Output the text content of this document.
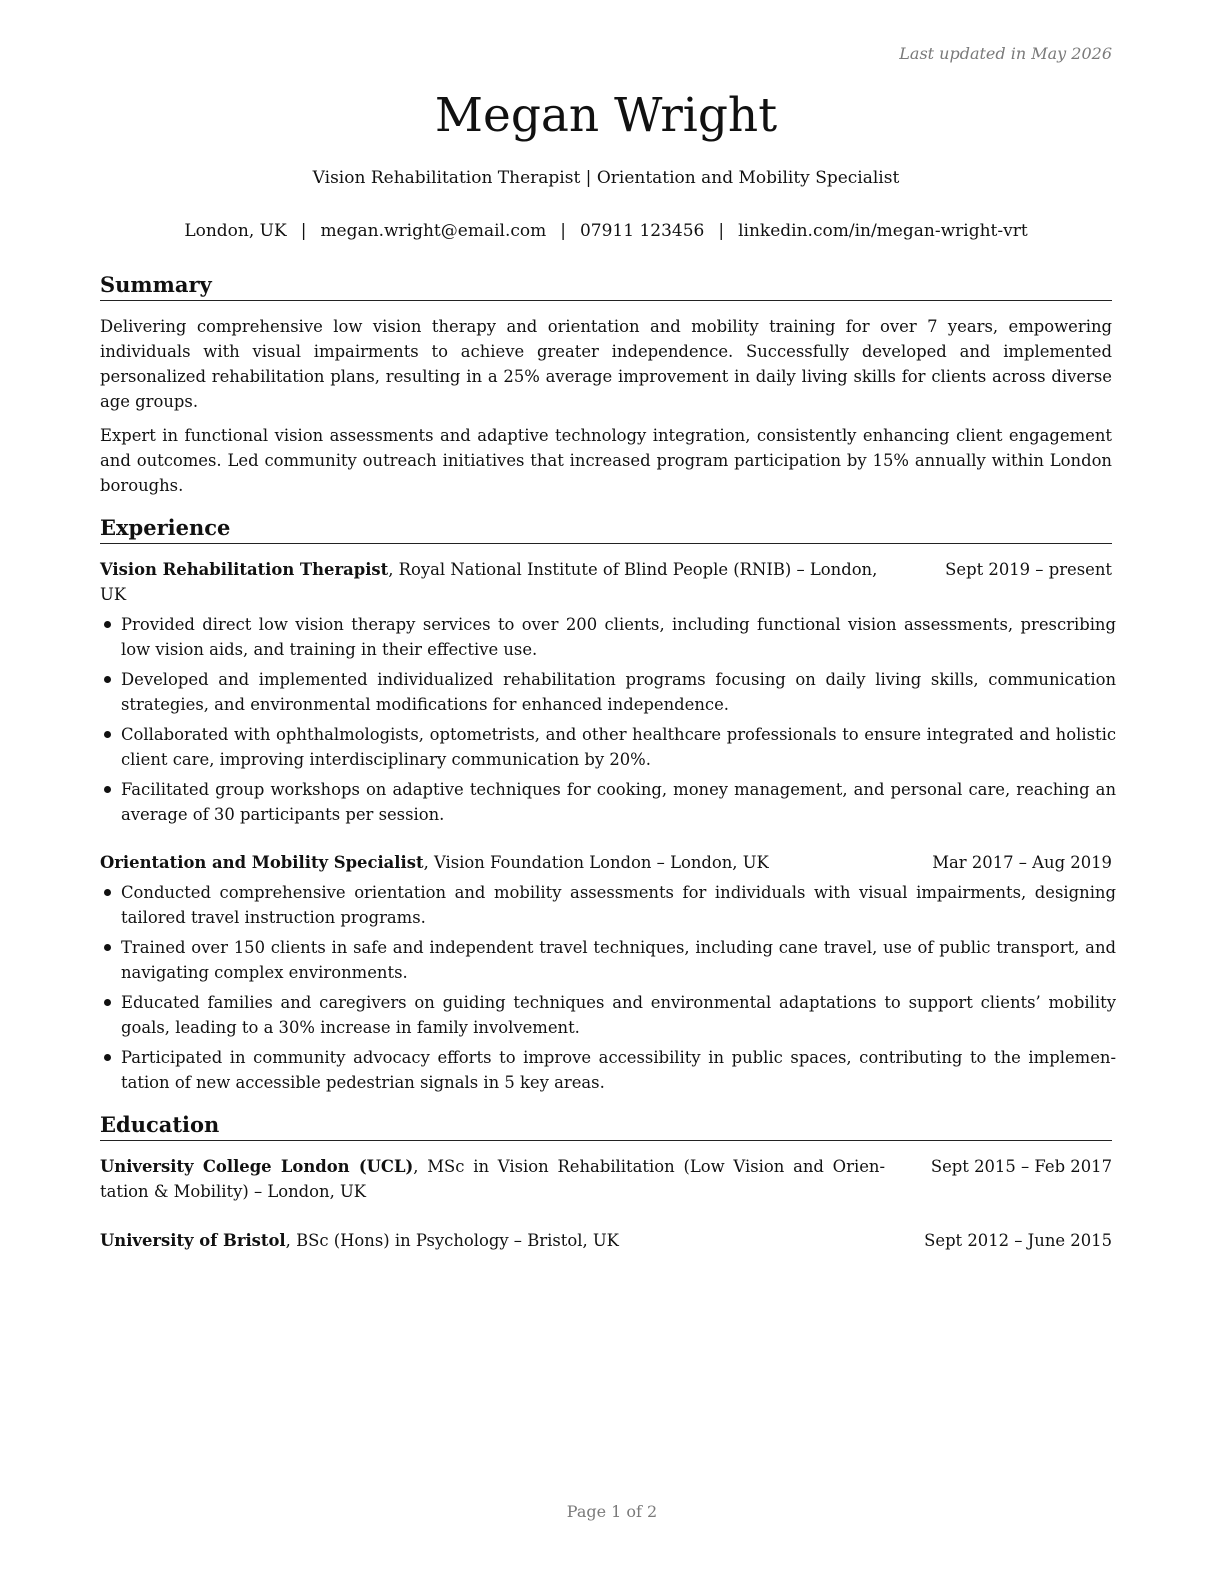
Last updated in May 2026
Megan Wright
Vision Rehabilitation Therapist | Orientation and Mobility Specialist
London, UK | megan.wright@email.com | 07911 123456 | linkedin.com/in/megan-wright-vrt
Summary

Delivering comprehensive low vision therapy and orientation and mobility training for over 7 years, empowering individuals with visual impairments to achieve greater independence. Successfully developed and implemented personalized rehabilitation plans, resulting in a 25% average improvement in daily living skills for clients across diverse age groups.

Expert in functional vision assessments and adaptive technology integration, consistently enhancing client engagement and outcomes. Led community outreach initiatives that increased program participation by 15% annually within London boroughs.

Experience
Vision Rehabilitation Therapist, Royal National Institute of Blind People (RNIB) – London, UK
Sept 2019 – present
Provided direct low vision therapy services to over 200 clients, including functional vision assessments, prescribing low vision aids, and training in their effective use.
Developed and implemented individualized rehabilitation programs focusing on daily living skills, communication strategies, and environmental modifications for enhanced independence.
Collaborated with ophthalmologists, optometrists, and other healthcare professionals to ensure integrated and holistic client care, improving interdisciplinary communication by 20%.
Facilitated group workshops on adaptive techniques for cooking, money management, and personal care, reaching an average of 30 participants per session.
Orientation and Mobility Specialist, Vision Foundation London – London, UK	Mar 2017 – Aug 2019
Conducted comprehensive orientation and mobility assessments for individuals with visual impairments, designing tailored travel instruction programs.
Trained over 150 clients in safe and independent travel techniques, including cane travel, use of public transport, and navigating complex environments.
Educated families and caregivers on guiding techniques and environmental adaptations to support clients’ mobility goals, leading to a 30% increase in family involvement.
Participated in community advocacy efforts to improve accessibility in public spaces, contributing to the implementation of new accessible pedestrian signals in 5 key areas.
Education
University College London (UCL), MSc in Vision Rehabilitation (Low Vision and Orientation & Mobility) – London, UK
Sept 2015 – Feb 2017
University of Bristol, BSc (Hons) in Psychology – Bristol, UK	Sept 2012 – June 2015
Page 1 of 2
